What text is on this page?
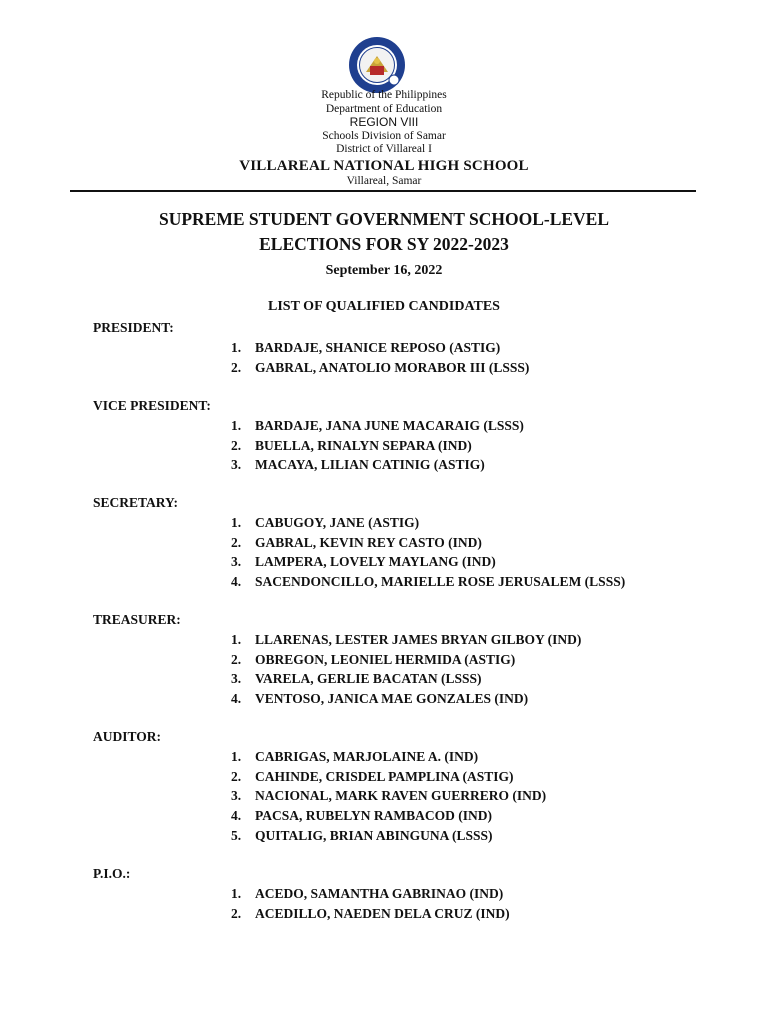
Republic of the Philippines
Department of Education
REGION VIII
Schools Division of Samar
District of Villareal I
VILLAREAL NATIONAL HIGH SCHOOL
Villareal, Samar
SUPREME STUDENT GOVERNMENT SCHOOL-LEVEL
ELECTIONS FOR SY 2022-2023
September 16, 2022
LIST OF QUALIFIED CANDIDATES
PRESIDENT:
1. BARDAJE, SHANICE REPOSO (ASTIG)
2. GABRAL, ANATOLIO MORABOR III (LSSS)
VICE PRESIDENT:
1. BARDAJE, JANA JUNE MACARAIG (LSSS)
2. BUELLA, RINALYN SEPARA (IND)
3. MACAYA, LILIAN CATINIG (ASTIG)
SECRETARY:
1. CABUGOY, JANE (ASTIG)
2. GABRAL, KEVIN REY CASTO (IND)
3. LAMPERA, LOVELY MAYLANG (IND)
4. SACENDONCILLO, MARIELLE ROSE JERUSALEM (LSSS)
TREASURER:
1. LLARENAS, LESTER JAMES BRYAN GILBOY (IND)
2. OBREGON, LEONIEL HERMIDA (ASTIG)
3. VARELA, GERLIE BACATAN (LSSS)
4. VENTOSO, JANICA MAE GONZALES (IND)
AUDITOR:
1. CABRIGAS, MARJOLAINE A. (IND)
2. CAHINDE, CRISDEL PAMPLINA (ASTIG)
3. NACIONAL, MARK RAVEN GUERRERO (IND)
4. PACSA, RUBELYN RAMBACOD (IND)
5. QUITALIG, BRIAN ABINGUNA (LSSS)
P.I.O.:
1. ACEDO, SAMANTHA GABRINAO (IND)
2. ACEDILLO, NAEDEN DELA CRUZ (IND)
